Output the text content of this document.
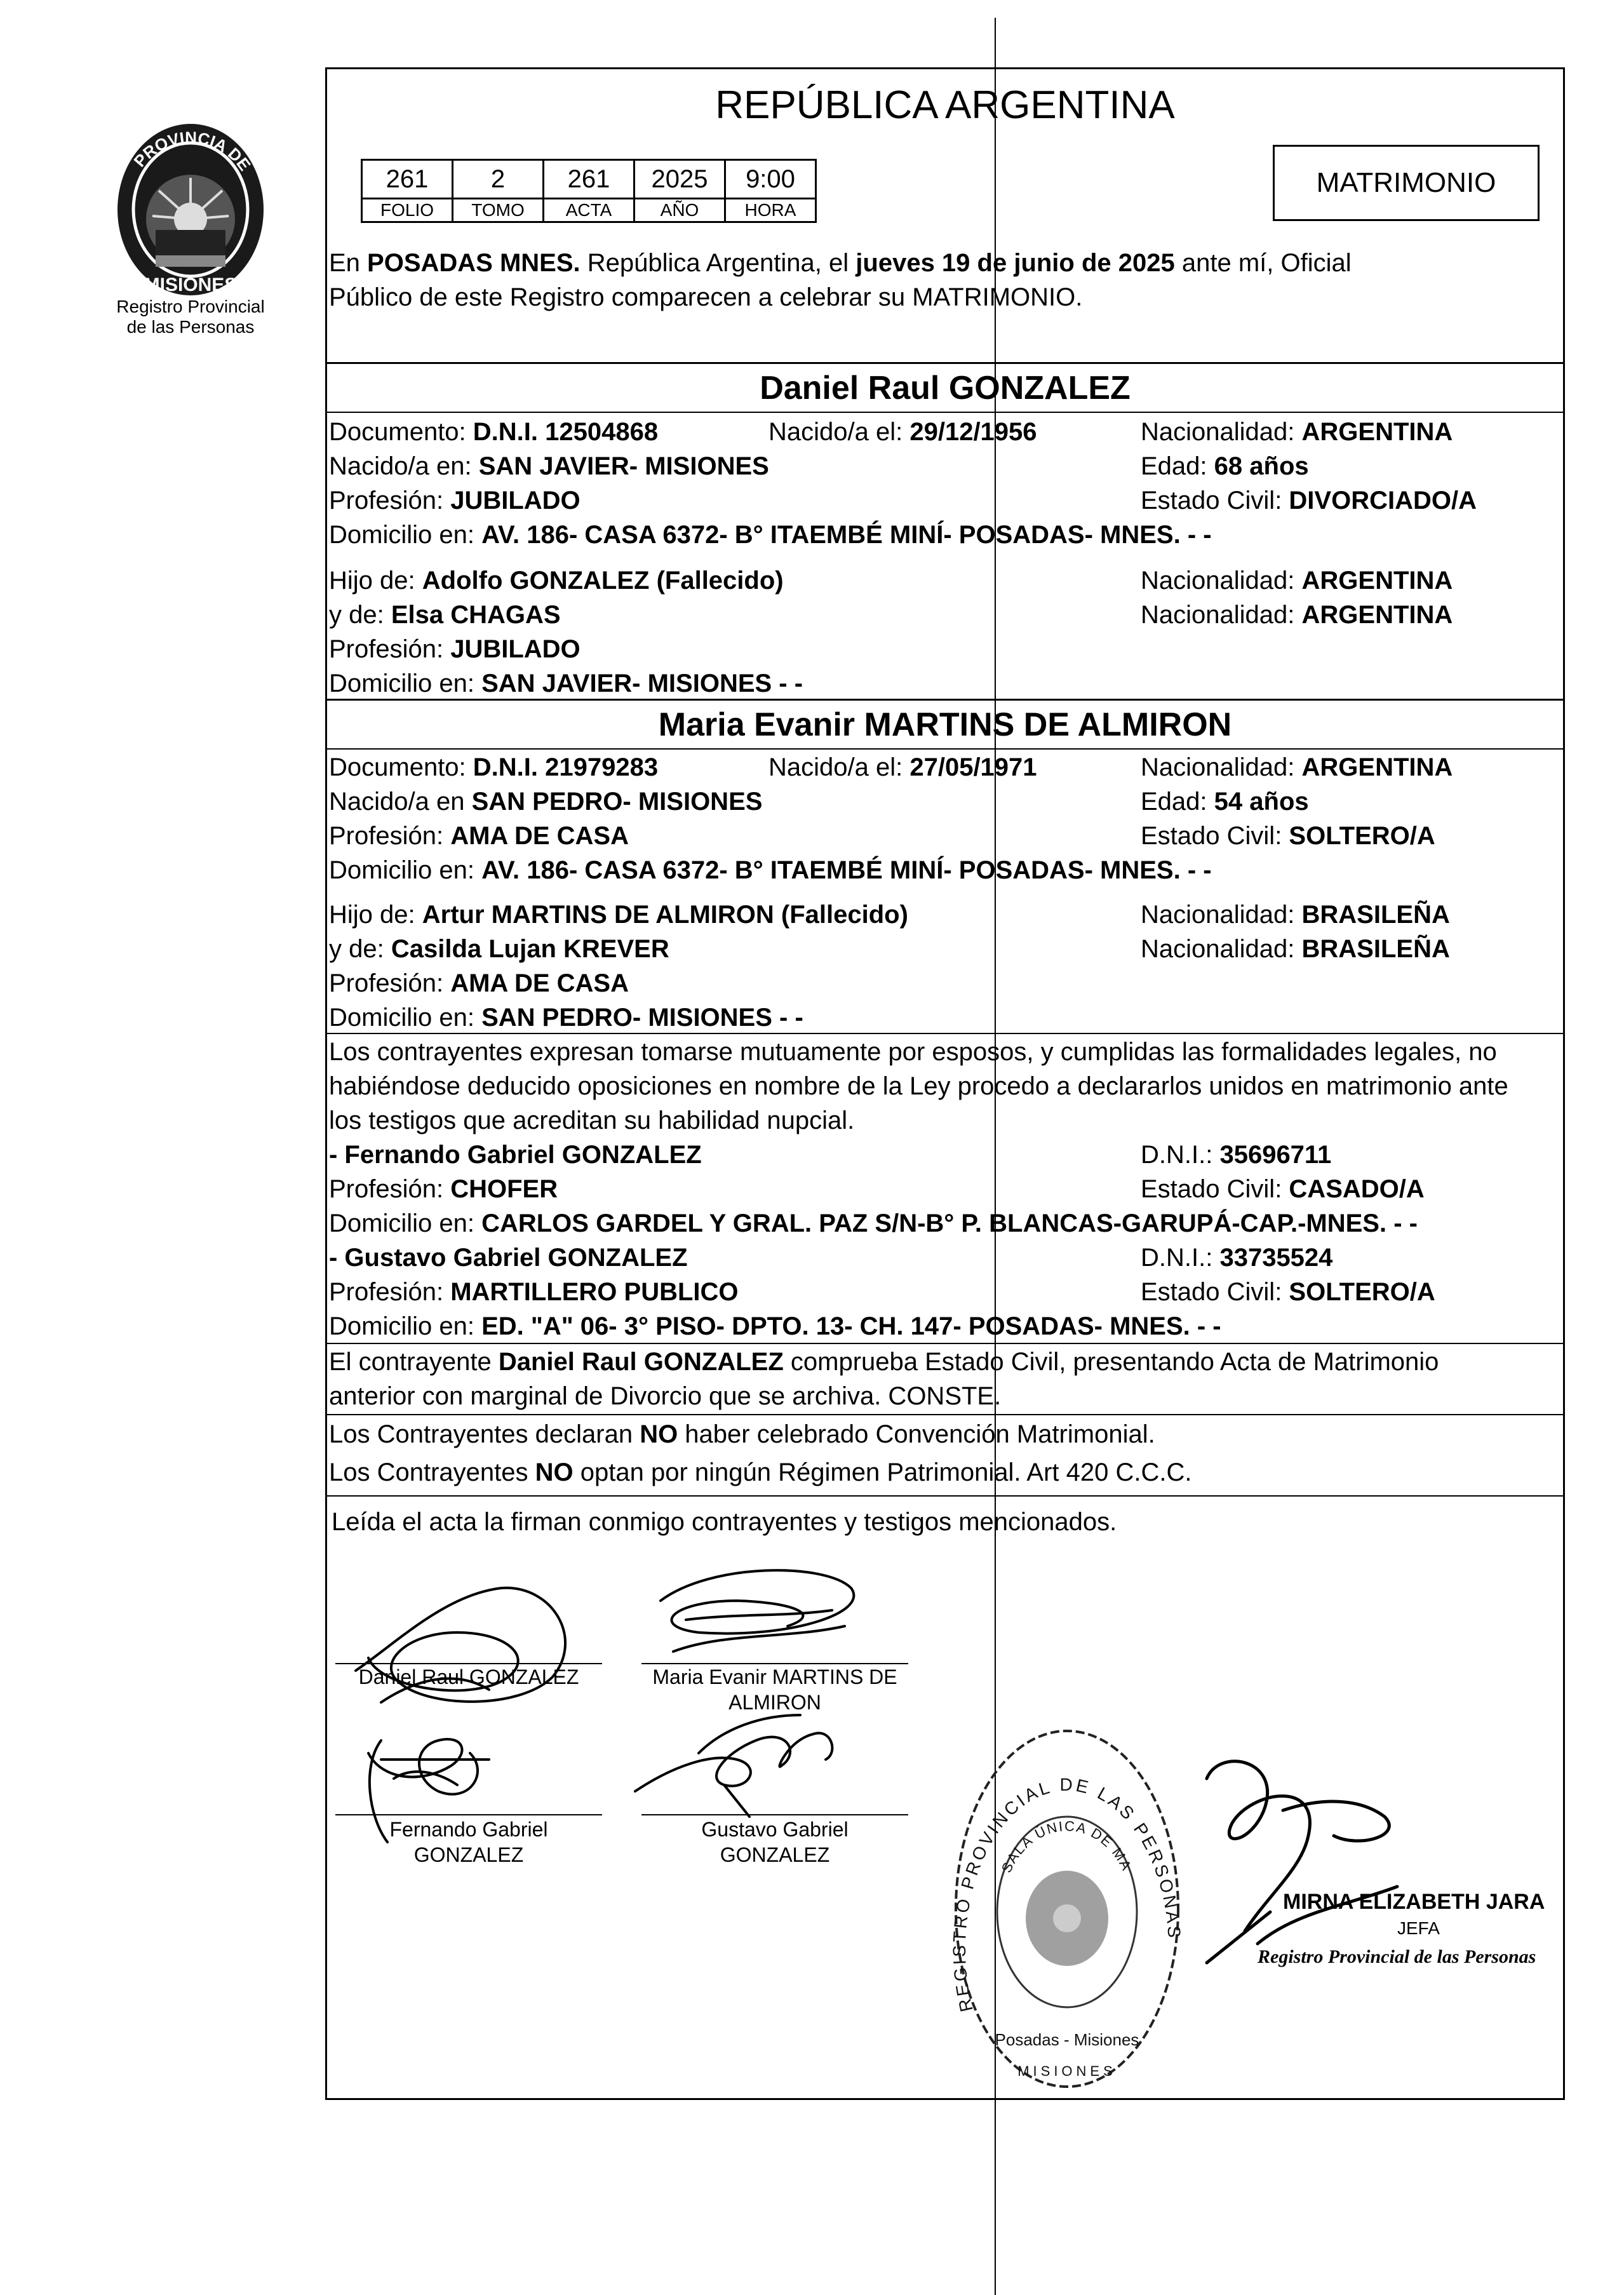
PROVINCIA DE
MISIONES
Registro Provincial
de las Personas
REPÚBLICA ARGENTINA
261	2	261	2025	9:00
FOLIO	TOMO	ACTA	AÑO	HORA
MATRIMONIO
En POSADAS MNES. República Argentina, el jueves 19 de junio de 2025 ante mí, Oficial
Público de este Registro comparecen a celebrar su MATRIMONIO.
Daniel Raul GONZALEZ
Documento: D.N.I. 12504868	Nacido/a el: 29/12/1956	Nacionalidad: ARGENTINA
Nacido/a en: SAN JAVIER- MISIONES	Edad: 68 años
Profesión: JUBILADO	Estado Civil: DIVORCIADO/A
Domicilio en: AV. 186- CASA 6372- B° ITAEMBÉ MINÍ- POSADAS- MNES. - -
Hijo de: Adolfo GONZALEZ (Fallecido)	Nacionalidad: ARGENTINA
y de: Elsa CHAGAS	Nacionalidad: ARGENTINA
Profesión: JUBILADO
Domicilio en: SAN JAVIER- MISIONES - -
Maria Evanir MARTINS DE ALMIRON
Documento: D.N.I. 21979283	Nacido/a el: 27/05/1971	Nacionalidad: ARGENTINA
Nacido/a en SAN PEDRO- MISIONES	Edad: 54 años
Profesión: AMA DE CASA	Estado Civil: SOLTERO/A
Domicilio en: AV. 186- CASA 6372- B° ITAEMBÉ MINÍ- POSADAS- MNES. - -
Hijo de: Artur MARTINS DE ALMIRON (Fallecido)	Nacionalidad: BRASILEÑA
y de: Casilda Lujan KREVER	Nacionalidad: BRASILEÑA
Profesión: AMA DE CASA
Domicilio en: SAN PEDRO- MISIONES - -
Los contrayentes expresan tomarse mutuamente por esposos, y cumplidas las formalidades legales, no
habiéndose deducido oposiciones en nombre de la Ley procedo a declararlos unidos en matrimonio ante
los testigos que acreditan su habilidad nupcial.
- Fernando Gabriel GONZALEZ	D.N.I.: 35696711
Profesión: CHOFER	Estado Civil: CASADO/A
Domicilio en: CARLOS GARDEL Y GRAL. PAZ S/N-B° P. BLANCAS-GARUPÁ-CAP.-MNES. - -
- Gustavo Gabriel GONZALEZ	D.N.I.: 33735524
Profesión: MARTILLERO PUBLICO	Estado Civil: SOLTERO/A
Domicilio en: ED. "A" 06- 3° PISO- DPTO. 13- CH. 147- POSADAS- MNES. - -
El contrayente Daniel Raul GONZALEZ comprueba Estado Civil, presentando Acta de Matrimonio
anterior con marginal de Divorcio que se archiva. CONSTE.
Los Contrayentes declaran NO haber celebrado Convención Matrimonial.
Los Contrayentes NO optan por ningún Régimen Patrimonial. Art 420 C.C.C.
Leída el acta la firman conmigo contrayentes y testigos mencionados.
Daniel Raul GONZALEZ	Maria Evanir MARTINS DE
ALMIRON
Fernando Gabriel
GONZALEZ
Gustavo Gabriel
GONZALEZ
REGISTRO PROVINCIAL DE LAS PERSONAS
SALA ÚNICA DE MA
Posadas - Misiones
MISIONES
MIRNA ELIZABETH JARA
JEFA
Registro Provincial de las Personas
